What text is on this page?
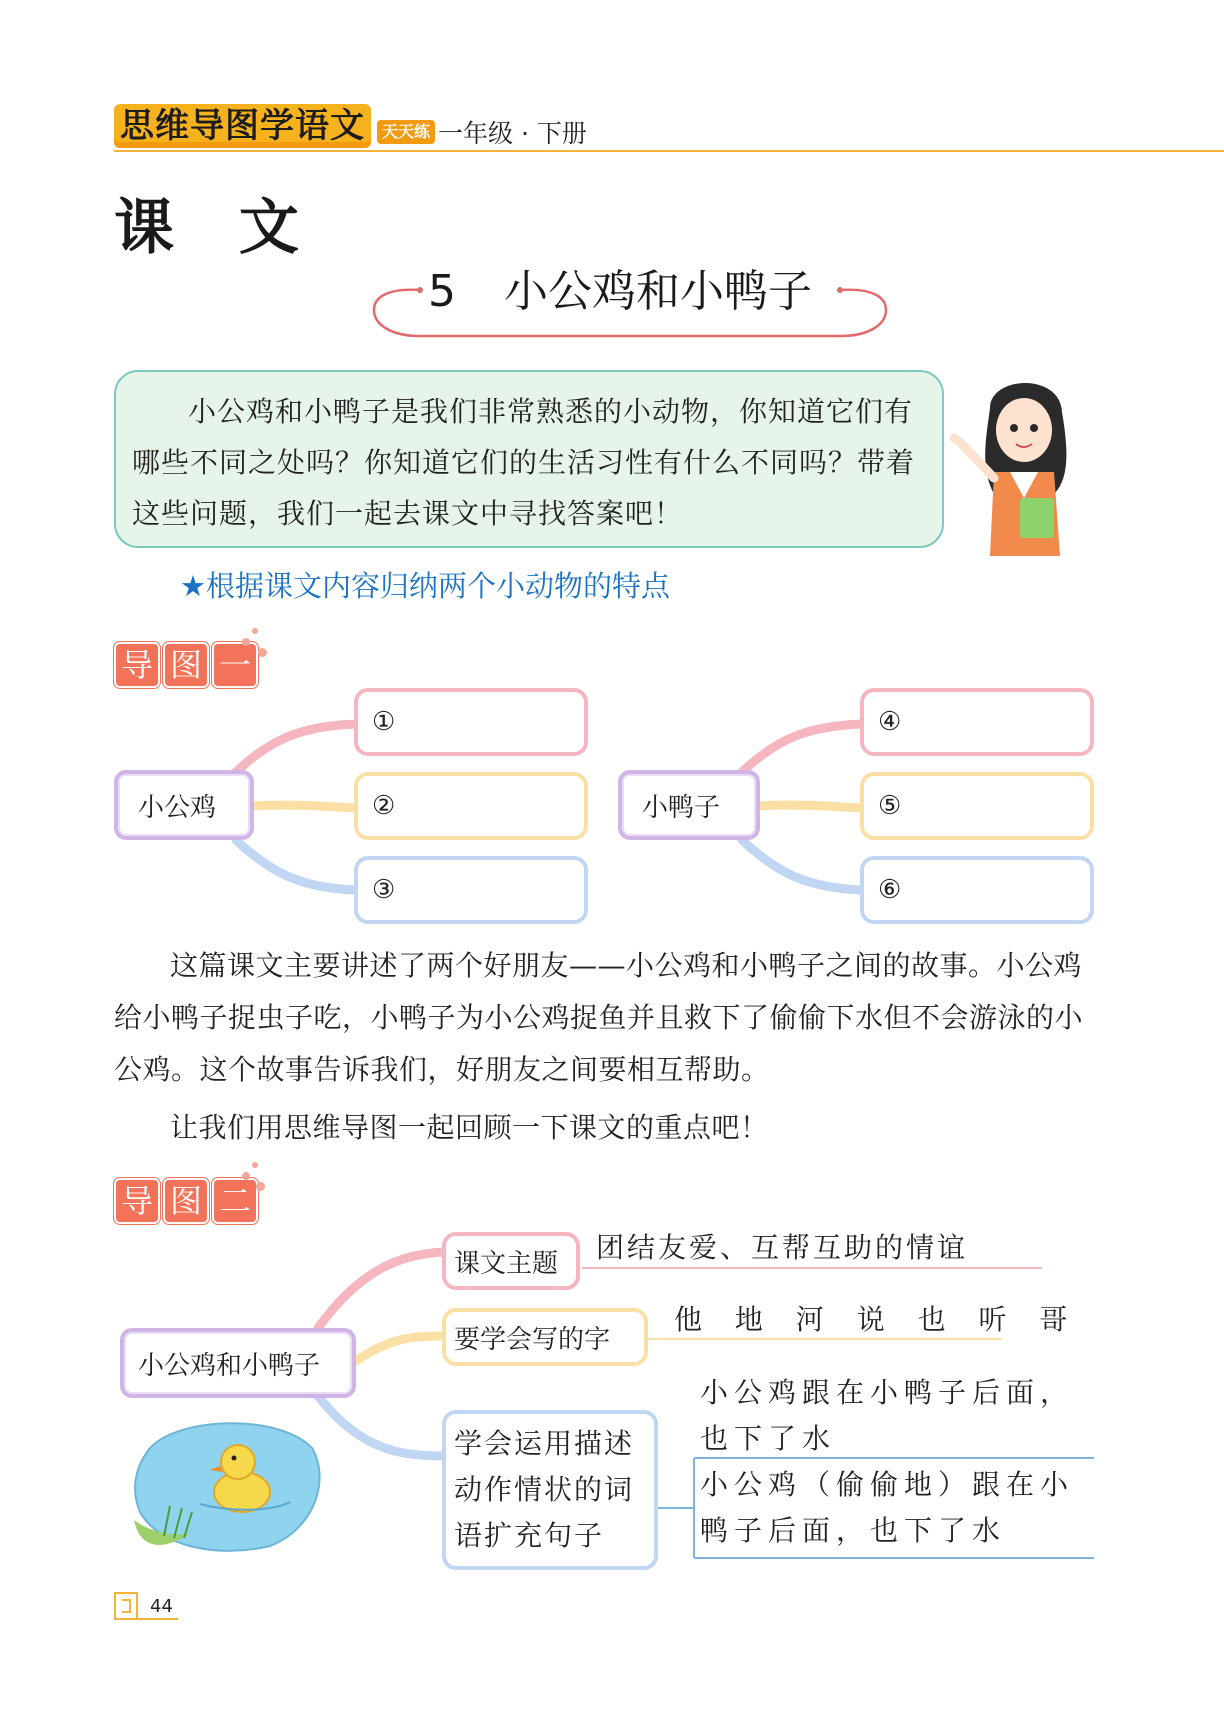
思维导图学语文	天天练 一年级 · 下册
课 文
5 小公鸡和小鸭子
小公鸡和小鸭子是我们非常熟悉的小动物，你知道它们有哪些不同之处吗？你知道它们的生活习性有什么不同吗？带着这些问题，我们一起去课文中寻找答案吧！
★根据课文内容归纳两个小动物的特点
导 图 一
小公鸡
①
②
③
小鸭子
④
⑤
⑥
这篇课文主要讲述了两个好朋友——小公鸡和小鸭子之间的故事。小公鸡给小鸭子捉虫子吃，小鸭子为小公鸡捉鱼并且救下了偷偷下水但不会游泳的小公鸡。这个故事告诉我们，好朋友之间要相互帮助。
让我们用思维导图一起回顾一下课文的重点吧！
导 图 二
小公鸡和小鸭子
课文主题	团结友爱、互帮互助的情谊
要学会写的字
他 地 河 说 也 听 哥
学会运用描述动作情状的词语扩充句子
小公鸡跟在小鸭子后面，也下了水
小公鸡（偷偷地）跟在小鸭子后面，也下了水
44
